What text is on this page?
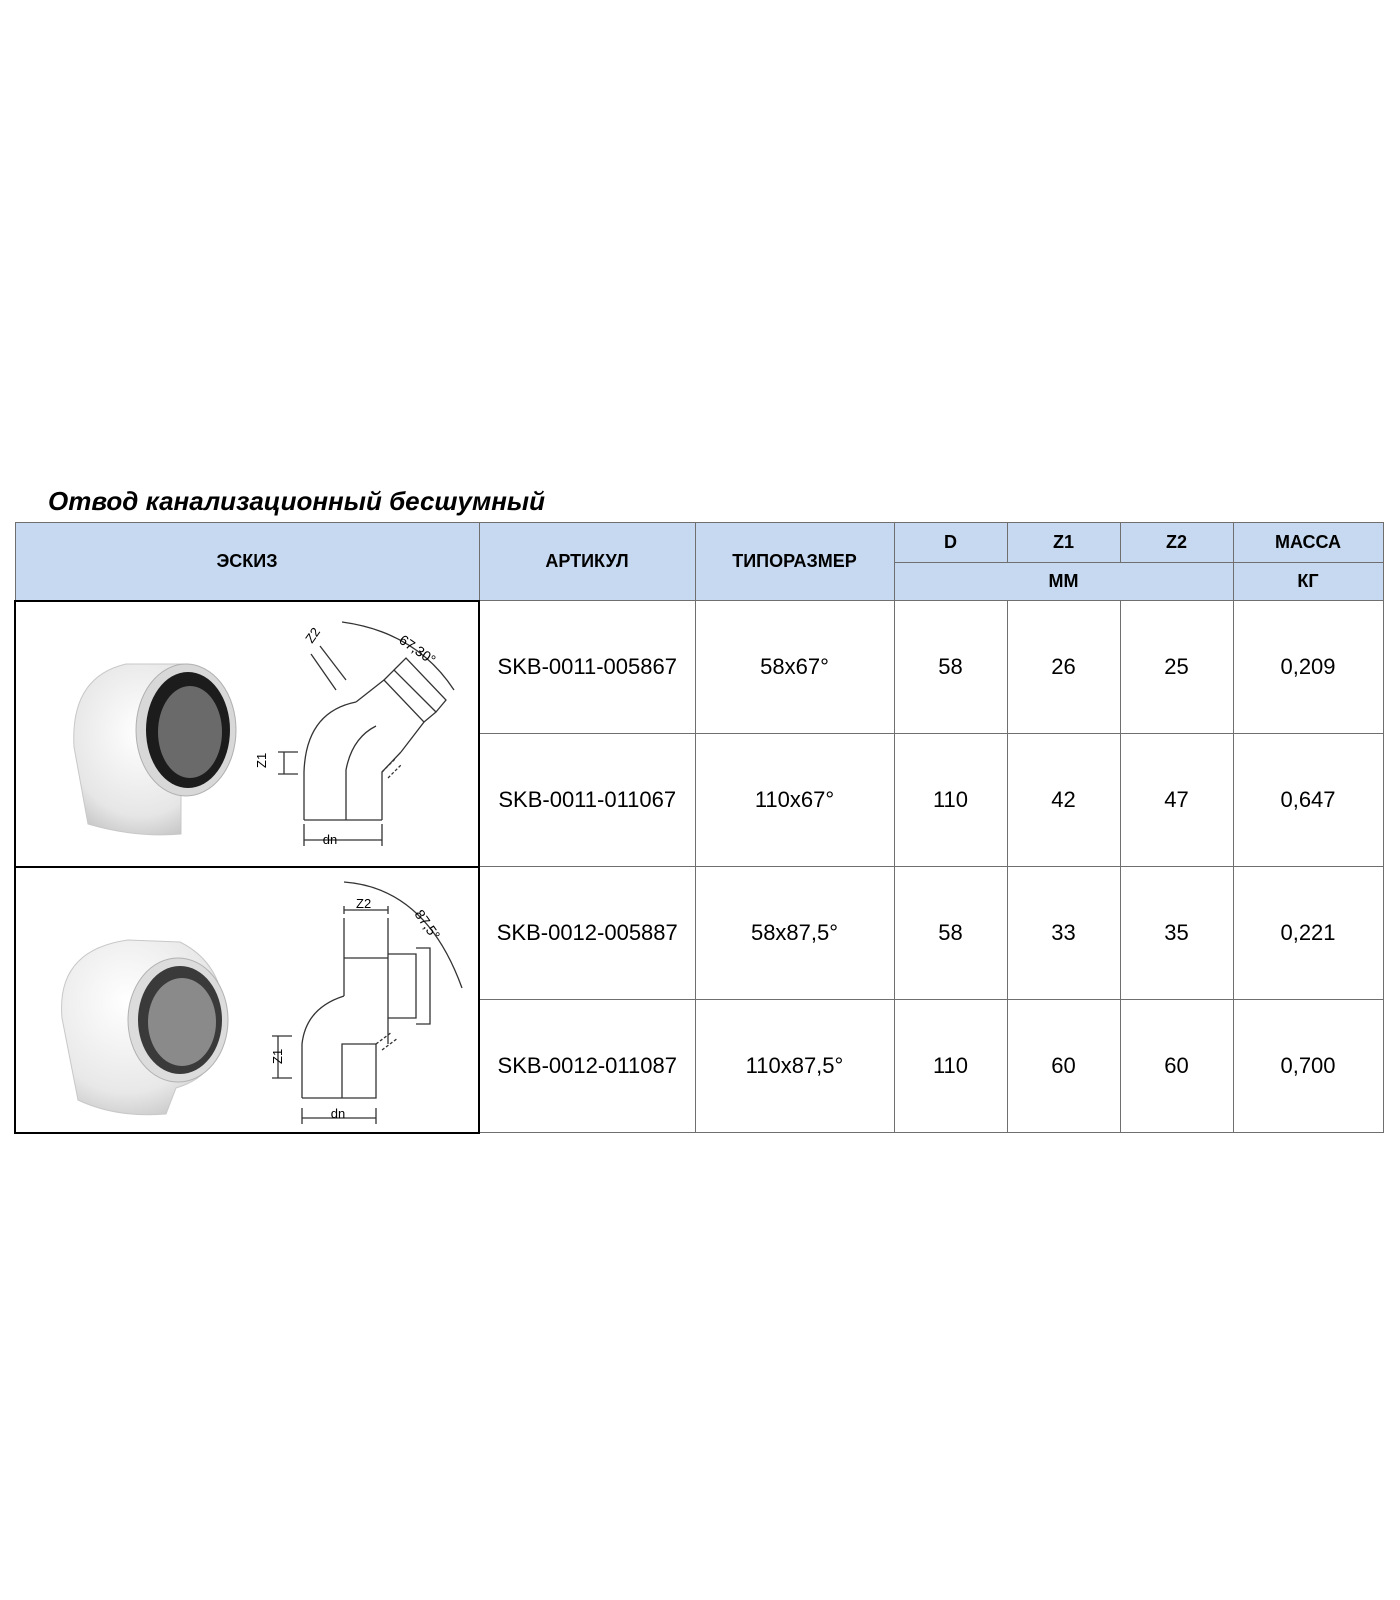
Отвод канализационный бесшумный
ЭСКИЗ	АРТИКУЛ	ТИПОРАЗМЕР	D	Z1	Z2	МАССА
			ММ			КГ

dn
Z1
Z2 67,30°	SKB-0011-005867	58x67°	58	26	25	0,209
	SKB-0011-011067	110x67°	110	42	47	0,647

dn
Z1
Z2
87,5°	SKB-0012-005887	58x87,5°	58	33	35	0,221
	SKB-0012-011087	110x87,5°	110	60	60	0,700
